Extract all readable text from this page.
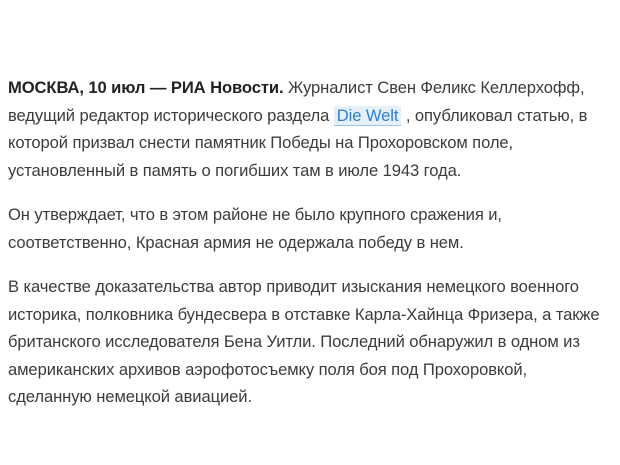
МОСКВА, 10 июл — РИА Новости. Журналист Свен Феликс Келлерхофф, ведущий редактор исторического раздела Die Welt , опубликовал статью, в которой призвал снести памятник Победы на Прохоровском поле, установленный в память о погибших там в июле 1943 года.

Он утверждает, что в этом районе не было крупного сражения и, соответственно, Красная армия не одержала победу в нем.

В качестве доказательства автор приводит изыскания немецкого военного историка, полковника бундесвера в отставке Карла-Хайнца Фризера, а также британского исследователя Бена Уитли. Последний обнаружил в одном из американских архивов аэрофотосъемку поля боя под Прохоровкой, сделанную немецкой авиацией.
